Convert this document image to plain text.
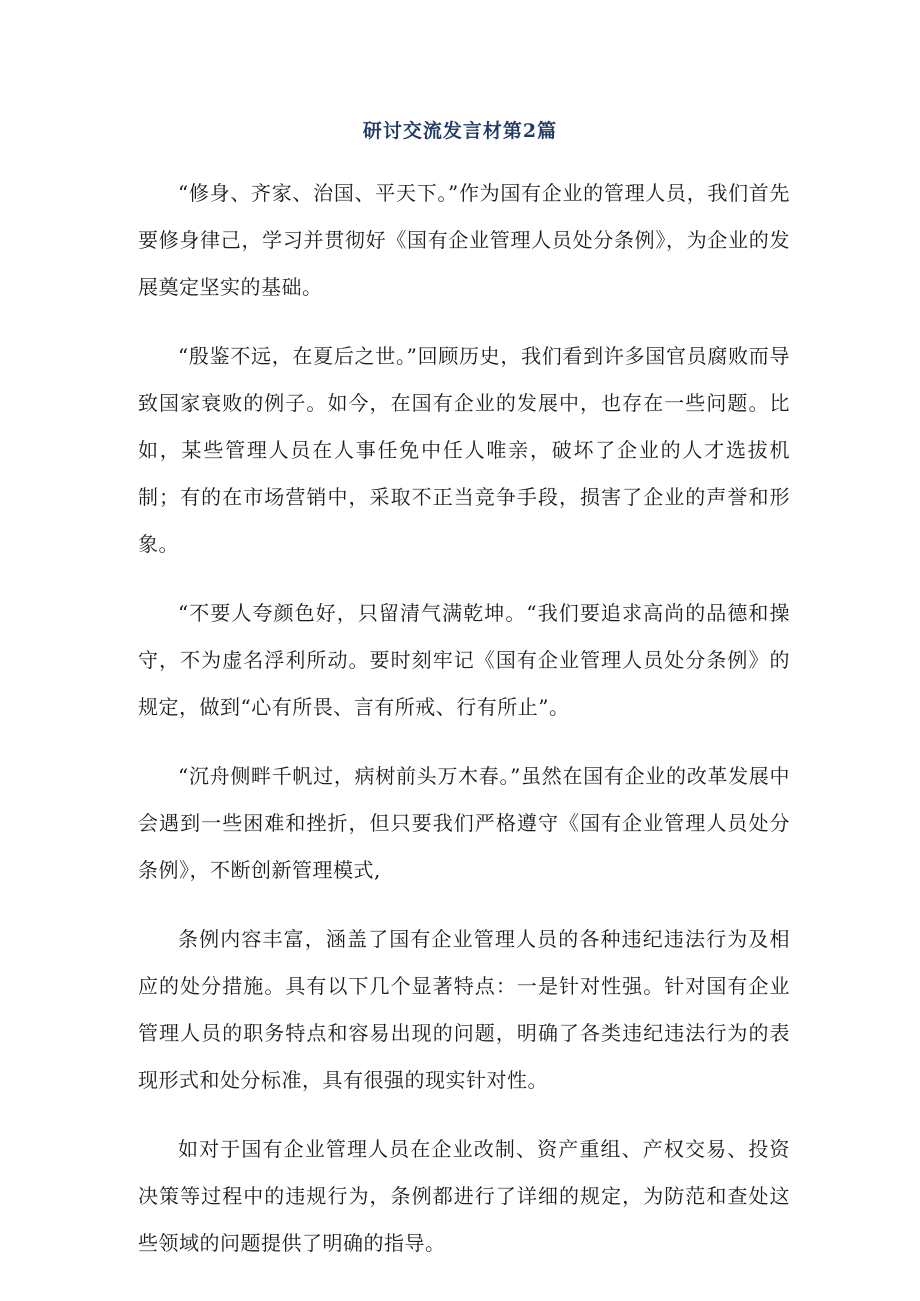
研讨交流发言材第2篇

“修身、齐家、治国、平天下。”作为国有企业的管理人员，我们首先要修身律己，学习并贯彻好《国有企业管理人员处分条例》，为企业的发展奠定坚实的基础。

“殷鉴不远，在夏后之世。”回顾历史，我们看到许多国官员腐败而导致国家衰败的例子。如今，在国有企业的发展中，也存在一些问题。比如，某些管理人员在人事任免中任人唯亲，破坏了企业的人才选拔机制；有的在市场营销中，采取不正当竞争手段，损害了企业的声誉和形象。

“不要人夸颜色好，只留清气满乾坤。“我们要追求高尚的品德和操守，不为虚名浮利所动。要时刻牢记《国有企业管理人员处分条例》的规定，做到“心有所畏、言有所戒、行有所止”。

“沉舟侧畔千帆过，病树前头万木春。”虽然在国有企业的改革发展中会遇到一些困难和挫折，但只要我们严格遵守《国有企业管理人员处分条例》，不断创新管理模式,

条例内容丰富，涵盖了国有企业管理人员的各种违纪违法行为及相应的处分措施。具有以下几个显著特点：一是针对性强。针对国有企业管理人员的职务特点和容易出现的问题，明确了各类违纪违法行为的表现形式和处分标准，具有很强的现实针对性。

如对于国有企业管理人员在企业改制、资产重组、产权交易、投资决策等过程中的违规行为，条例都进行了详细的规定，为防范和查处这些领域的问题提供了明确的指导。
